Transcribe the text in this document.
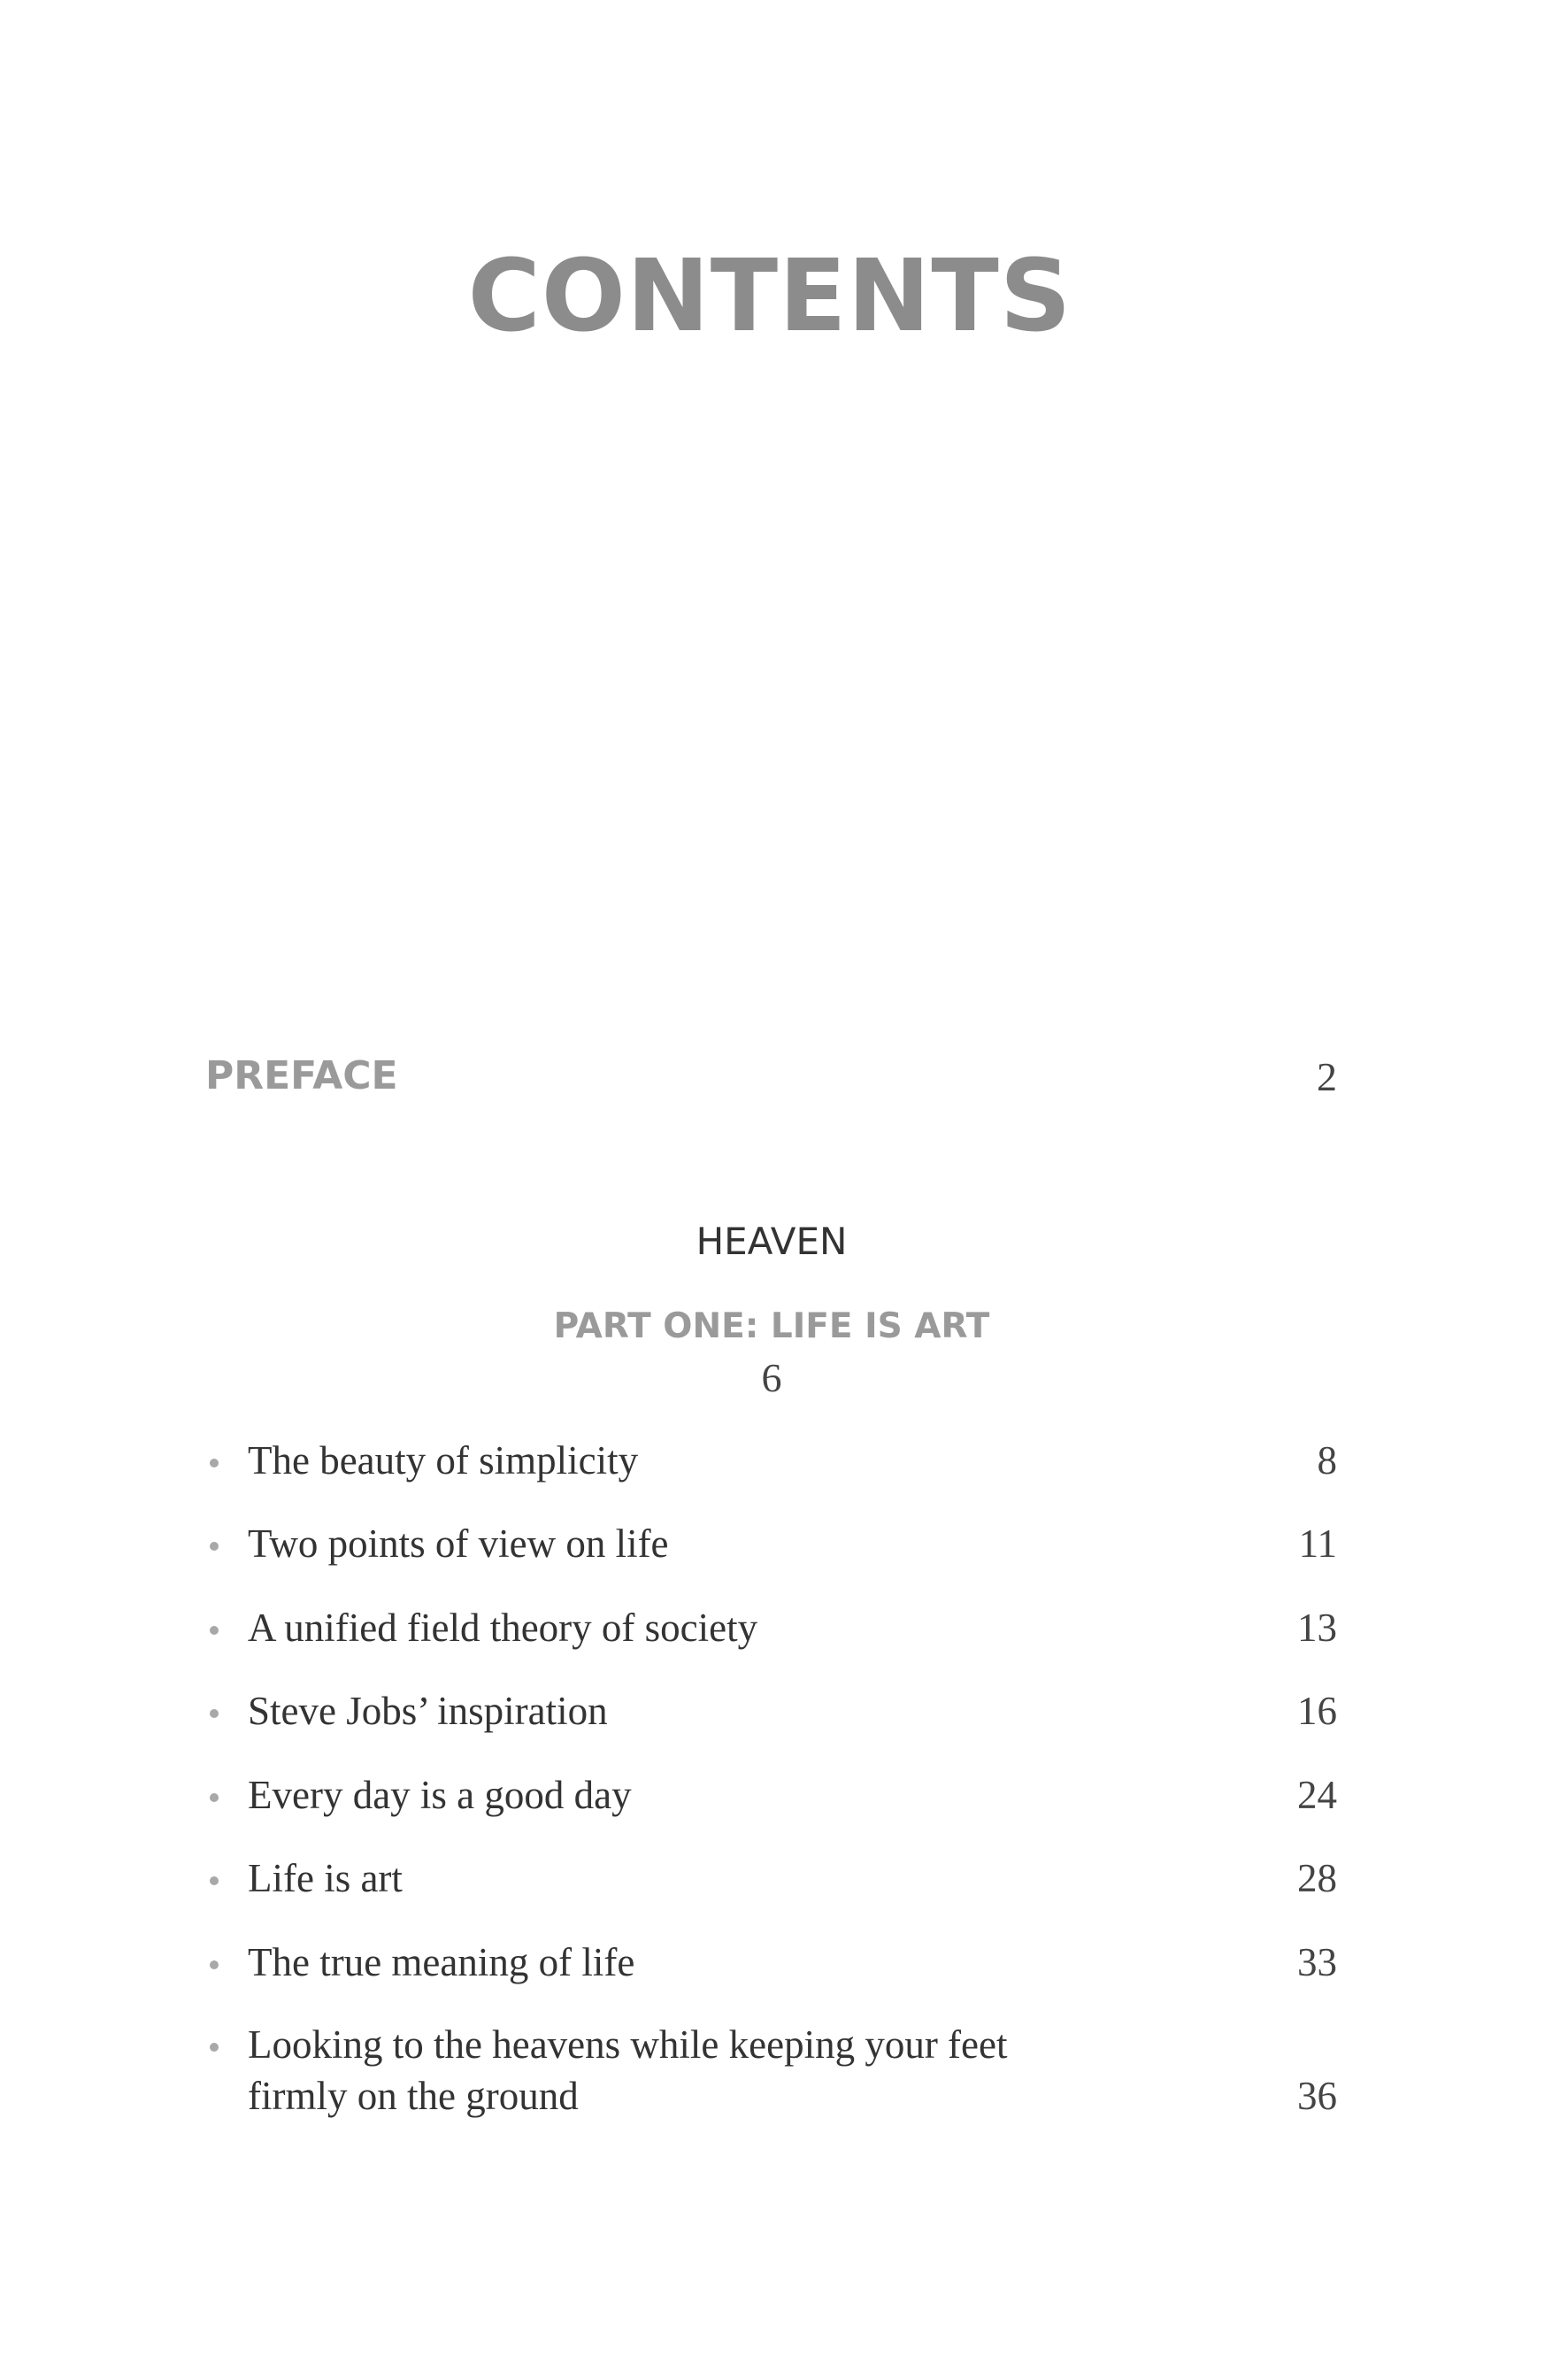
CONTENTS
PREFACE	2
HEAVEN
PART ONE: LIFE IS ART
6
The beauty of simplicity	8
Two points of view on life	11
A unified field theory of society	13
Steve Jobs’ inspiration	16
Every day is a good day	24
Life is art	28
The true meaning of life	33
Looking to the heavens while keeping your feet
firmly on the ground	36
